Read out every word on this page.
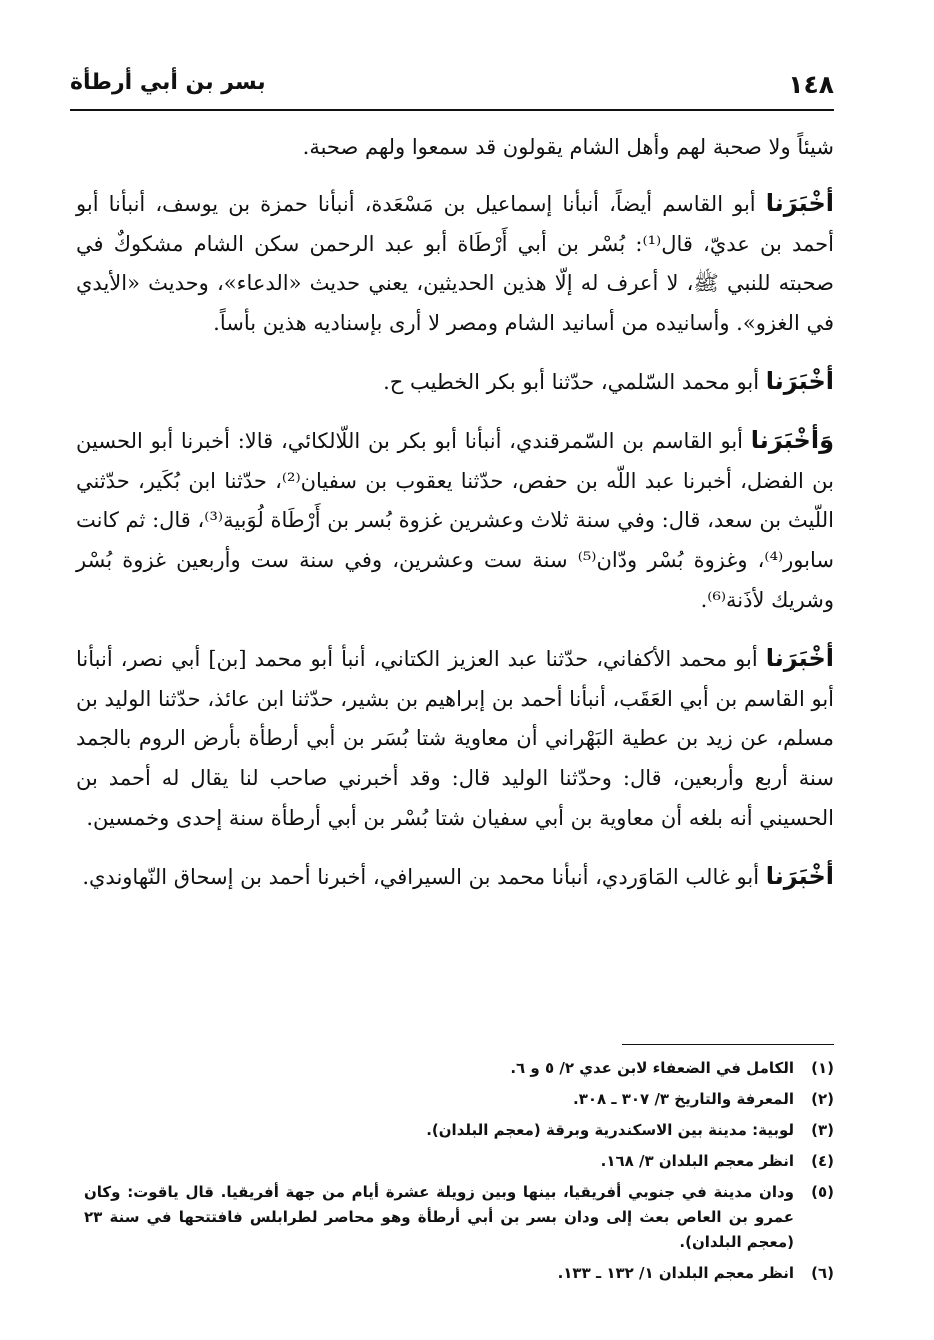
١٤٨
بسر بن أبي أرطأة

شيئاً ولا صحبة لهم وأهل الشام يقولون قد سمعوا ولهم صحبة.

أخْبَرَنا أبو القاسم أيضاً، أنبأنا إسماعيل بن مَسْعَدة، أنبأنا حمزة بن يوسف، أنبأنا أبو أحمد بن عديّ، قال⁽¹⁾: بُسْر بن أبي أَرْطَاة أبو عبد الرحمن سكن الشام مشكوكٌ في صحبته للنبي ﷺ، لا أعرف له إلّا هذين الحديثين، يعني حديث «الدعاء»، وحديث «الأيدي في الغزو». وأسانيده من أسانيد الشام ومصر لا أرى بإسناديه هذين بأساً.

أخْبَرَنا أبو محمد السّلمي، حدّثنا أبو بكر الخطيب ح.

وَأخْبَرَنا أبو القاسم بن السّمرقندي، أنبأنا أبو بكر بن اللّالكائي، قالا: أخبرنا أبو الحسين بن الفضل، أخبرنا عبد اللّه بن حفص، حدّثنا يعقوب بن سفيان⁽²⁾، حدّثنا ابن بُكَير، حدّثني اللّيث بن سعد، قال: وفي سنة ثلاث وعشرين غزوة بُسر بن أَرْطَاة لُوَبية⁽³⁾، قال: ثم كانت سابور⁽⁴⁾، وغزوة بُسْر ودّان⁽⁵⁾ سنة ست وعشرين، وفي سنة ست وأربعين غزوة بُسْر وشريك لأذَنة⁽⁶⁾.

أخْبَرَنا أبو محمد الأكفاني، حدّثنا عبد العزيز الكتاني، أنبأ أبو محمد [بن] أبي نصر، أنبأنا أبو القاسم بن أبي العَقَب، أنبأنا أحمد بن إبراهيم بن بشير، حدّثنا ابن عائذ، حدّثنا الوليد بن مسلم، عن زيد بن عطية البَهْراني أن معاوية شتا بُسَر بن أبي أرطأة بأرض الروم بالجمد سنة أربع وأربعين، قال: وحدّثنا الوليد قال: وقد أخبرني صاحب لنا يقال له أحمد بن الحسيني أنه بلغه أن معاوية بن أبي سفيان شتا بُسْر بن أبي أرطأة سنة إحدى وخمسين.

أخْبَرَنا أبو غالب المَاوَردي، أنبأنا محمد بن السيرافي، أخبرنا أحمد بن إسحاق النّهاوندي.

(١)
الكامل في الضعفاء لابن عدي ٢/ ٥ و ٦.
(٢)
المعرفة والتاريخ ٣/ ٣٠٧ ـ ٣٠٨.
(٣)
لوبية: مدينة بين الاسكندرية وبرقة (معجم البلدان).
(٤)
انظر معجم البلدان ٣/ ١٦٨.
(٥)
ودان مدينة في جنوبي أفريقيا، بينها وبين زويلة عشرة أيام من جهة أفريقيا. قال ياقوت: وكان عمرو بن العاص بعث إلى ودان بسر بن أبي أرطأة وهو محاصر لطرابلس فافتتحها في سنة ٢٣ (معجم البلدان).
(٦)
انظر معجم البلدان ١/ ١٣٢ ـ ١٣٣.
